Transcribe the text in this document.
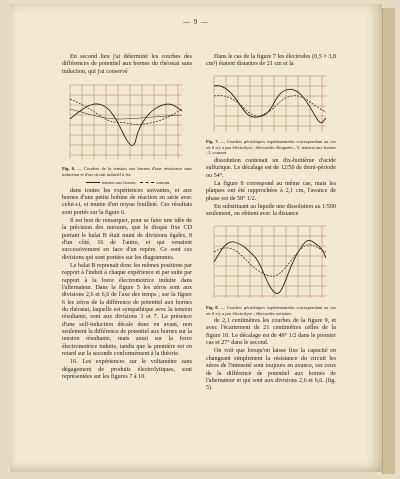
— 9 —

En second lieu j'ai déterminé les courbes des différences de potentiel aux bornes du rhéostat sans induction, qui j'ai conservé

Fig. 6. — Courbes de la tension aux bornes d'une résistance sans induction et d'un circuit inductif à fer.
tension aux bornes,	courant.

dans toutes les expériences suivantes, et aux bornes d'une petite bobine de réaction en série avec celui-ci, et munie d'un noyau feuilleté. Ces résultats sont portés sur la figure 6.

Il est bon de remarquer, pour se faire une idée de la précision des mesures, que le disque fixe CD portant le balai B était muni de divisions égales, 8 d'un côté, 16 de l'autre, et qui venaient successivement en face d'un repère. Ce sont ces divisions qui sont portées sur les diagrammes.

Le balai B reprenait donc les mêmes positions par rapport à l'induit à chaque expérience et par suite par rapport à la force électromotrice induite dans l'alternateur. Dans la figure 5 les zéros sont aux divisions 2,6 et 6,6 de l'axe des temps ; sur la figure 6 les zéros de la différence de potentiel aux bornes du rhéostat, laquelle est sympathique avec la tension résultante, sont aux divisions 3 et 7. La présence d'une self-induction décale donc en avant, non seulement la différence de potentiel aux bornes sur la tension résultante, mais aussi sur la force électromotrice induite, tandis que la première est en retard sur la seconde conformément à la théorie.

16. Les expériences sur le voltamètre sans dégagement de produits électrolytiques, sont représentées sur les figures 7 à 10.

Dans le cas de la figure 7 les électrodes (0,5 × 3,8 cm²) étaient distantes de 21 cm et la

Fig. 7. — Courbes périodiques expérimentales correspondant au cas où il n'y a pas électrolyse ; électrodes éloignées ; V, tension aux bornes ; I, courant.

dissolution contenait un dix-huitième d'acide sulfurique. Le décalage est de 12/50 de demi-période ou 54°.

La figure 8 correspond au même cas, mais les plaques ont été rapprochées à 2,1 cm, l'avance de phase est de 58° 1/2.

En substituant au liquide une dissolution au 1/500 seulement, on obtient avec la distance

Fig. 8. — Courbes périodiques expérimentales correspondant au cas où il n'y a pas électrolyse ; électrodes voisines.

de 2,1 centimètres les courbes de la figure 9, et avec l'écartement de 21 centimètres celles de la figure 10. Le décalage est de 49° 1/2 dans le premier cas et 27° dans le second.

On voit que lorsqu'on laisse fixe la capacité en changeant simplement la résistance du circuit les zéros de l'intensité sont toujours en avance, sur ceux de la différence de potentiel aux bornes de l'alternateur et qui sont aux divisions 2,6 et 6,6. (fig. 5).
